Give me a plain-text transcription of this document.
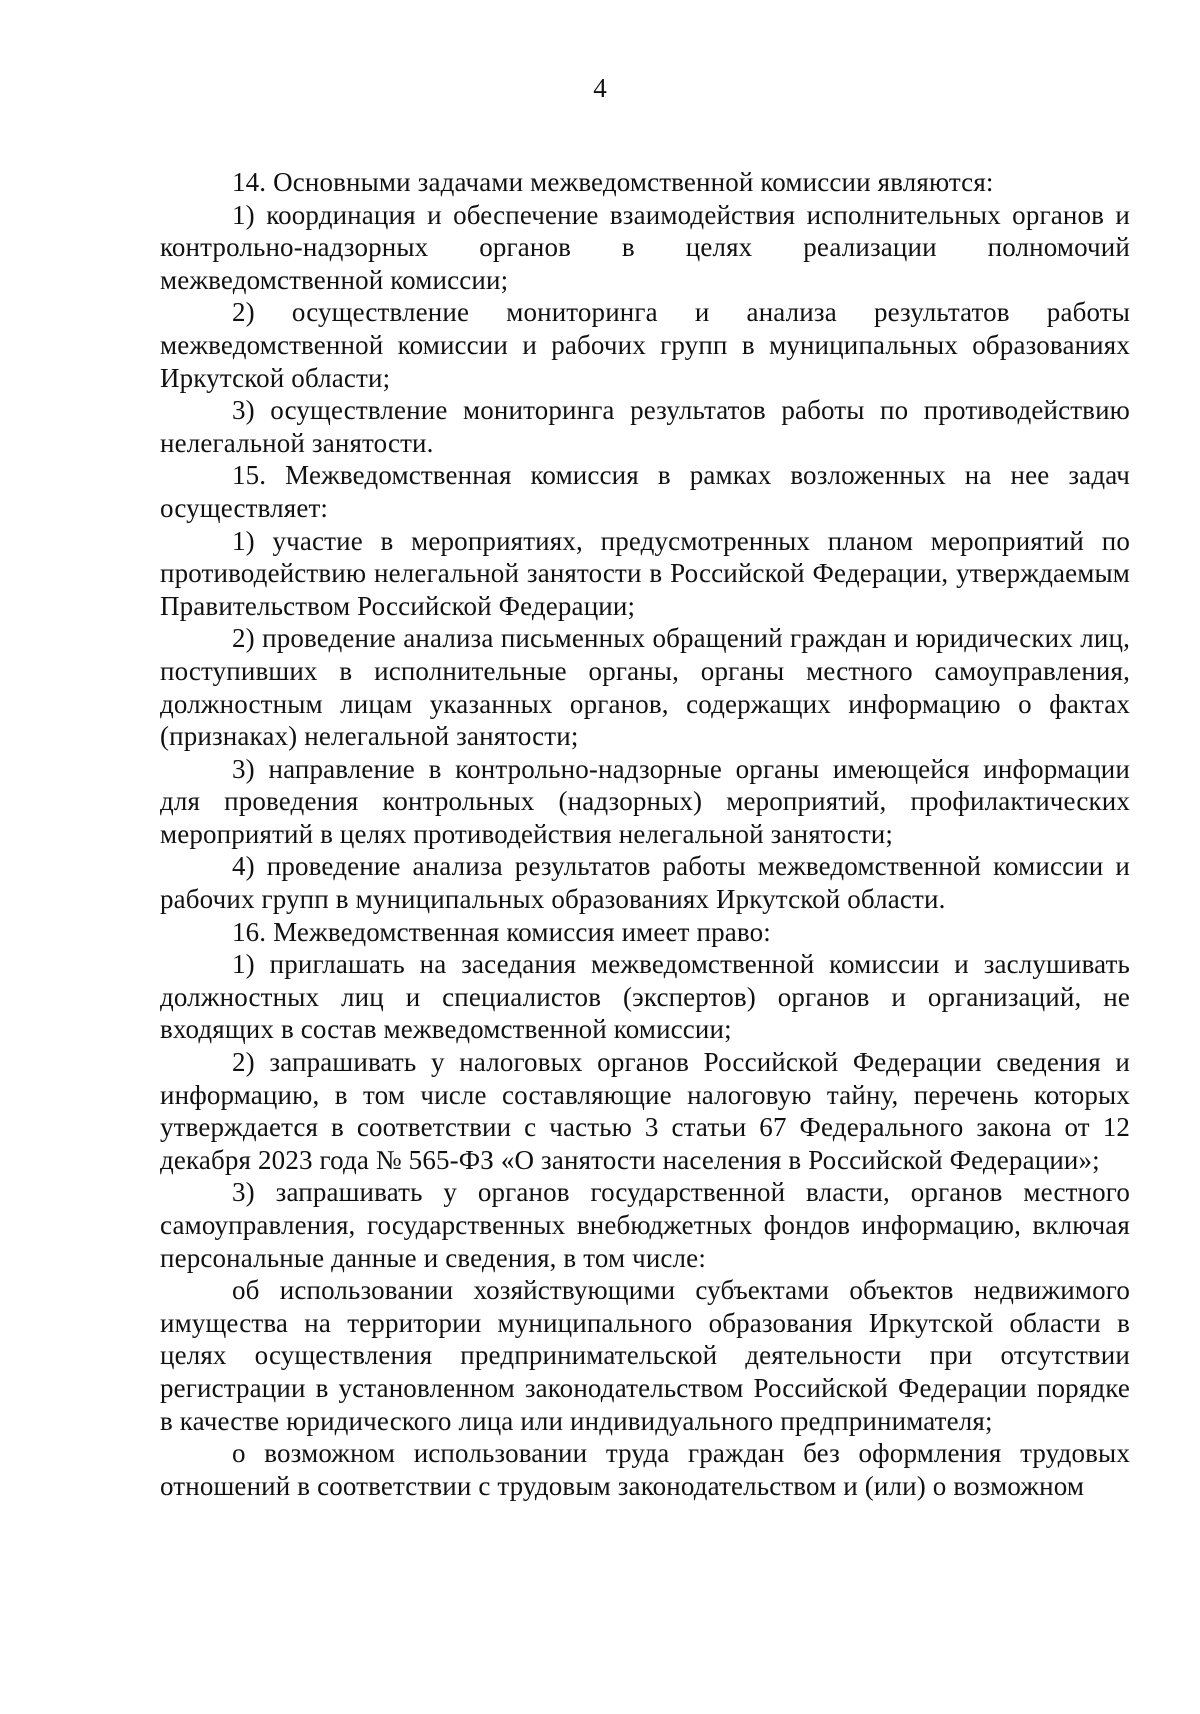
4

14. Основными задачами межведомственной комиссии являются:

1) координация и обеспечение взаимодействия исполнительных органов и контрольно-надзорных органов в целях реализации полномочий межведомственной комиссии;

2) осуществление мониторинга и анализа результатов работы межведомственной комиссии и рабочих групп в муниципальных образованиях Иркутской области;

3) осуществление мониторинга результатов работы по противодействию нелегальной занятости.

15. Межведомственная комиссия в рамках возложенных на нее задач осуществляет:

1) участие в мероприятиях, предусмотренных планом мероприятий по противодействию нелегальной занятости в Российской Федерации, утверждаемым Правительством Российской Федерации;

2) проведение анализа письменных обращений граждан и юридических лиц, поступивших в исполнительные органы, органы местного самоуправления, должностным лицам указанных органов, содержащих информацию о фактах (признаках) нелегальной занятости;

3) направление в контрольно-надзорные органы имеющейся информации для проведения контрольных (надзорных) мероприятий, профилактических мероприятий в целях противодействия нелегальной занятости;

4) проведение анализа результатов работы межведомственной комиссии и рабочих групп в муниципальных образованиях Иркутской области.

16. Межведомственная комиссия имеет право:

1) приглашать на заседания межведомственной комиссии и заслушивать должностных лиц и специалистов (экспертов) органов и организаций, не входящих в состав межведомственной комиссии;

2) запрашивать у налоговых органов Российской Федерации сведения и информацию, в том числе составляющие налоговую тайну, перечень которых утверждается в соответствии с частью 3 статьи 67 Федерального закона от 12 декабря 2023 года № 565-ФЗ «О занятости населения в Российской Федерации»;

3) запрашивать у органов государственной власти, органов местного самоуправления, государственных внебюджетных фондов информацию, включая персональные данные и сведения, в том числе:

об использовании хозяйствующими субъектами объектов недвижимого имущества на территории муниципального образования Иркутской области в целях осуществления предпринимательской деятельности при отсутствии регистрации в установленном законодательством Российской Федерации порядке в качестве юридического лица или индивидуального предпринимателя;

о возможном использовании труда граждан без оформления трудовых отношений в соответствии с трудовым законодательством и (или) о возможном
